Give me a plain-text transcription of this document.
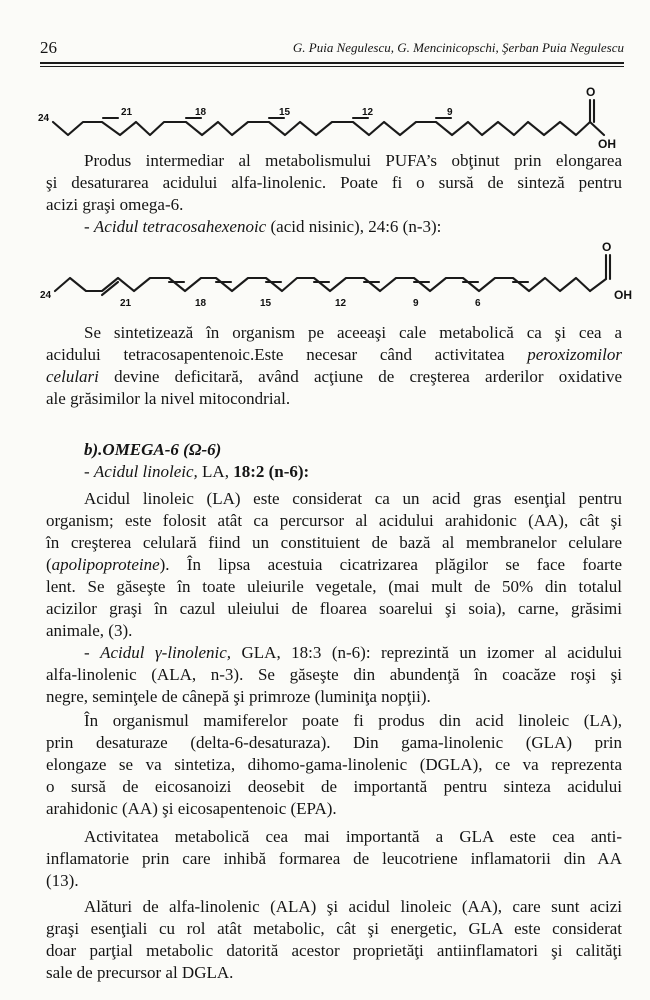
26	G. Puia Negulescu, G. Mencinicopschi, Şerban Puia Negulescu
24
21	18	15	12	9
O
OH
Produs intermediar al metabolismului PUFA’s obţinut prin elongarea
şi desaturarea acidului alfa-linolenic. Poate fi o sursă de sinteză pentru
acizi graşi omega-6.
- Acidul tetracosahexenoic (acid nisinic), 24:6 (n-3):
24
21	18	15	12	9	6
O
OH
Se sintetizează în organism pe aceeaşi cale metabolică ca şi cea a
acidului tetracosapentenoic.Este necesar când activitatea peroxizomilor
celulari devine deficitară, având acţiune de creşterea arderilor oxidative
ale grăsimilor la nivel mitocondrial.
b).OMEGA-6 (Ω-6)
- Acidul linoleic, LA, 18:2 (n-6):
Acidul linoleic (LA) este considerat ca un acid gras esenţial pentru
organism; este folosit atât ca percursor al acidului arahidonic (AA), cât şi
în creşterea celulară fiind un constituient de bază al membranelor celulare
(apolipoproteine). În lipsa acestuia cicatrizarea plăgilor se face foarte
lent. Se găseşte în toate uleiurile vegetale, (mai mult de 50% din totalul
acizilor graşi în cazul uleiului de floarea soarelui şi soia), carne, grăsimi
animale, (3).
- Acidul γ-linolenic, GLA, 18:3 (n-6): reprezintă un izomer al acidului
alfa-linolenic (ALA, n-3). Se găseşte din abundenţă în coacăze roşi şi
negre, seminţele de cânepă şi primroze (luminiţa nopţii).
În organismul mamiferelor poate fi produs din acid linoleic (LA),
prin desaturaze (delta-6-desaturaza). Din gama-linolenic (GLA) prin
elongaze se va sintetiza, dihomo-gama-linolenic (DGLA), ce va reprezenta
o sursă de eicosanoizi deosebit de importantă pentru sinteza acidului
arahidonic (AA) şi eicosapentenoic (EPA).
Activitatea metabolică cea mai importantă a GLA este cea anti-
inflamatorie prin care inhibă formarea de leucotriene inflamatorii din AA
(13).
Alături de alfa-linolenic (ALA) şi acidul linoleic (AA), care sunt acizi
graşi esenţiali cu rol atât metabolic, cât şi energetic, GLA este considerat
doar parţial metabolic datorită acestor proprietăţi antiinflamatori şi calităţi
sale de precursor al DGLA.
